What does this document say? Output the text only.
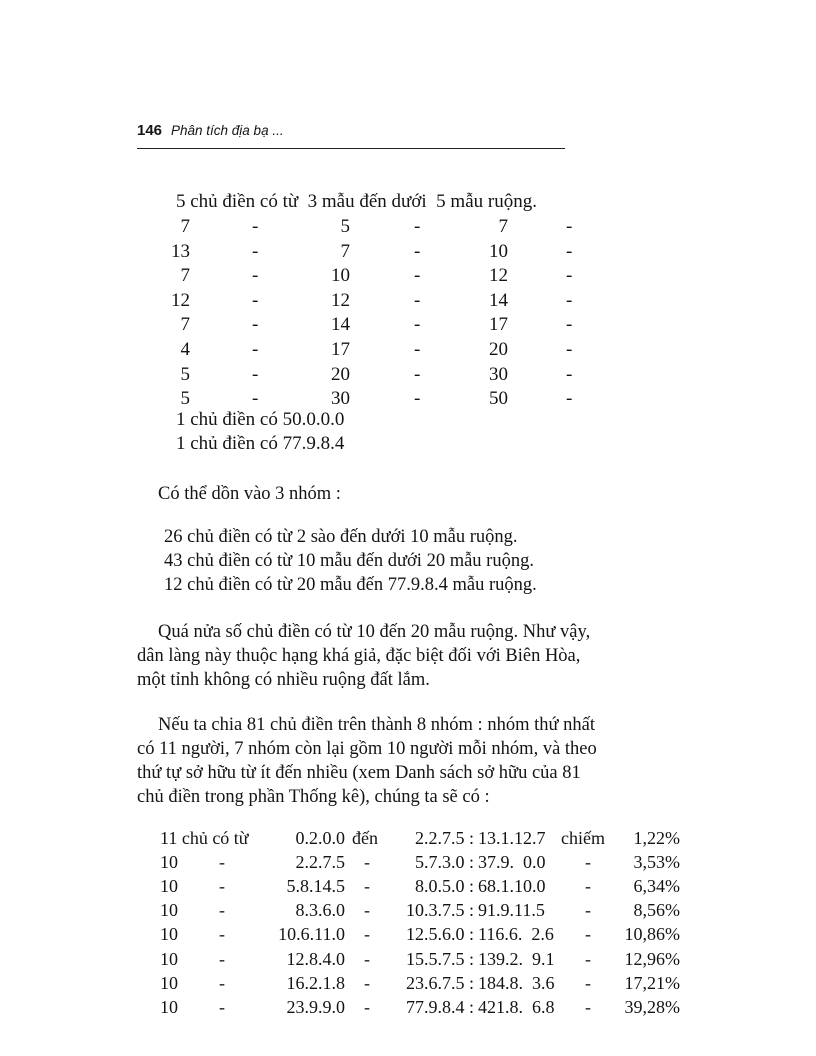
146 Phân tích địa bạ ...
5 chủ điền có từ  3 mẫu đến dưới  5 mẫu ruộng.
7	-	5	-	7	-
13	-	7	-	10	-
7	-	10	-	12	-
12	-	12	-	14	-
7	-	14	-	17	-
4	-	17	-	20	-
5	-	20	-	30	-
5	-	30	-	50	-
1 chủ điền có 50.0.0.0
1 chủ điền có 77.9.8.4
Có thể dồn vào 3 nhóm :
26 chủ điền có từ 2 sào đến dưới 10 mẫu ruộng.
43 chủ điền có từ 10 mẫu đến dưới 20 mẫu ruộng.
12 chủ điền có từ 20 mẫu đến 77.9.8.4 mẫu ruộng.
Quá nửa số chủ điền có từ 10 đến 20 mẫu ruộng. Như vậy,
dân làng này thuộc hạng khá giả, đặc biệt đối với Biên Hòa,
một tỉnh không có nhiều ruộng đất lắm.
Nếu ta chia 81 chủ điền trên thành 8 nhóm : nhóm thứ nhất
có 11 người, 7 nhóm còn lại gồm 10 người mỗi nhóm, và theo
thứ tự sở hữu từ ít đến nhiều (xem Danh sách sở hữu của 81
chủ điền trong phần Thống kê), chúng ta sẽ có :
11 chủ có từ	0.2.0.0 đến	2.2.7.5 : 13.1.12.7 chiếm	1,22%
10 -	2.2.7.5 -	5.7.3.0 : 37.9.  0.0 -	3,53%
10 -	5.8.14.5 -	8.0.5.0 : 68.1.10.0 -	6,34%
10 -	8.3.6.0 -	10.3.7.5 : 91.9.11.5 -	8,56%
10 -	10.6.11.0 -	12.5.6.0 : 116.6.  2.6 -	10,86%
10 -	12.8.4.0 -	15.5.7.5 : 139.2.  9.1 -	12,96%
10 -	16.2.1.8 -	23.6.7.5 : 184.8.  3.6 -	17,21%
10 -	23.9.9.0 -	77.9.8.4 : 421.8.  6.8 -	39,28%
